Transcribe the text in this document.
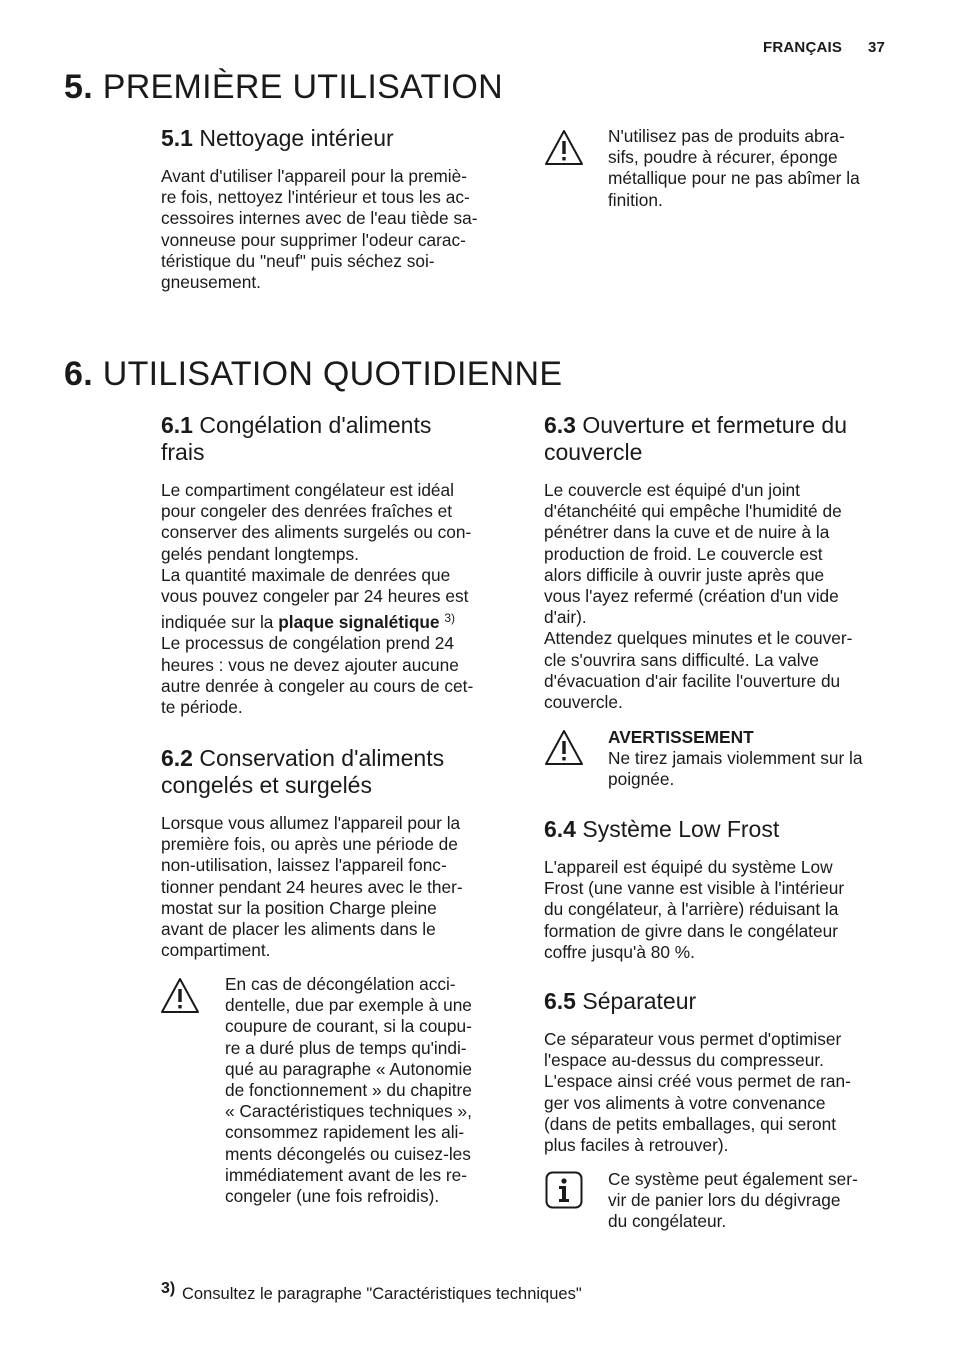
FRANÇAIS 37
5. PREMIÈRE UTILISATION
5.1 Nettoyage intérieur
Avant d'utiliser l'appareil pour la premiè-
re fois, nettoyez l'intérieur et tous les ac-
cessoires internes avec de l'eau tiède sa-
vonneuse pour supprimer l'odeur carac-
téristique du "neuf" puis séchez soi-
gneusement.
N'utilisez pas de produits abra-
sifs, poudre à récurer, éponge
métallique pour ne pas abîmer la
finition.
6. UTILISATION QUOTIDIENNE
6.1 Congélation d'aliments
frais
Le compartiment congélateur est idéal
pour congeler des denrées fraîches et
conserver des aliments surgelés ou con-
gelés pendant longtemps.
La quantité maximale de denrées que
vous pouvez congeler par 24 heures est
indiquée sur la plaque signalétique $^{3)}$
Le processus de congélation prend 24
heures : vous ne devez ajouter aucune
autre denrée à congeler au cours de cet-
te période.
6.2 Conservation d'aliments
congelés et surgelés
Lorsque vous allumez l'appareil pour la
première fois, ou après une période de
non-utilisation, laissez l'appareil fonc-
tionner pendant 24 heures avec le ther-
mostat sur la position Charge pleine
avant de placer les aliments dans le
compartiment.
En cas de décongélation acci-
dentelle, due par exemple à une
coupure de courant, si la coupu-
re a duré plus de temps qu'indi-
qué au paragraphe « Autonomie
de fonctionnement » du chapitre
« Caractéristiques techniques »,
consommez rapidement les ali-
ments décongelés ou cuisez-les
immédiatement avant de les re-
congeler (une fois refroidis).
6.3 Ouverture et fermeture du
couvercle
Le couvercle est équipé d'un joint
d'étanchéité qui empêche l'humidité de
pénétrer dans la cuve et de nuire à la
production de froid. Le couvercle est
alors difficile à ouvrir juste après que
vous l'ayez refermé (création d'un vide
d'air).
Attendez quelques minutes et le couver-
cle s'ouvrira sans difficulté. La valve
d'évacuation d'air facilite l'ouverture du
couvercle.
AVERTISSEMENT
Ne tirez jamais violemment sur la
poignée.
6.4 Système Low Frost
L'appareil est équipé du système Low
Frost (une vanne est visible à l'intérieur
du congélateur, à l'arrière) réduisant la
formation de givre dans le congélateur
coffre jusqu'à 80 %.
6.5 Séparateur
Ce séparateur vous permet d'optimiser
l'espace au-dessus du compresseur.
L'espace ainsi créé vous permet de ran-
ger vos aliments à votre convenance
(dans de petits emballages, qui seront
plus faciles à retrouver).
Ce système peut également ser-
vir de panier lors du dégivrage
du congélateur.
3) Consultez le paragraphe "Caractéristiques techniques"
